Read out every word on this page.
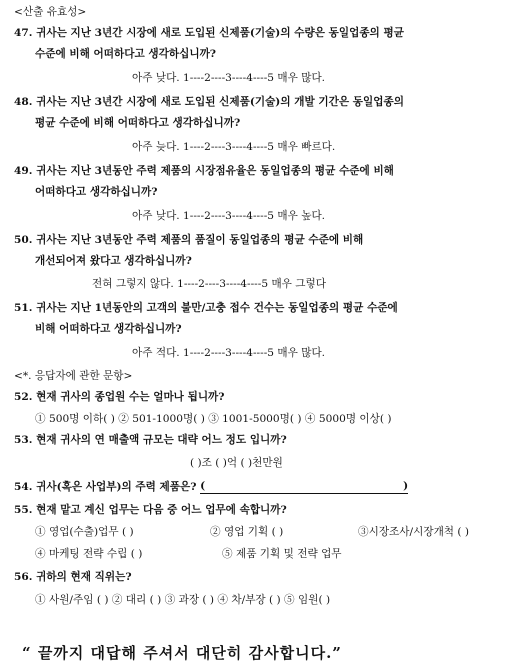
<산출 유효성>
47. 귀사는 지난 3년간 시장에 새로 도입된 신제품(기술)의 수량은 동일업종의 평균
수준에 비해 어떠하다고 생각하십니까?
아주 낮다. 1----2----3----4----5 매우 많다.
48. 귀사는 지난 3년간 시장에 새로 도입된 신제품(기술)의 개발 기간은 동일업종의
평균 수준에 비해 어떠하다고 생각하십니까?
아주 늦다. 1----2----3----4----5 매우 빠르다.
49. 귀사는 지난 3년동안 주력 제품의 시장점유율은 동일업종의 평균 수준에 비해
어떠하다고 생각하십니까?
아주 낮다. 1----2----3----4----5 매우 높다.
50. 귀사는 지난 3년동안 주력 제품의 품질이 동일업종의 평균 수준에 비해
개선되어져 왔다고 생각하십니까?
전혀 그렇지 않다. 1----2----3----4----5 매우 그렇다
51. 귀사는 지난 1년동안의 고객의 불만/고충 접수 건수는 동일업종의 평균 수준에
비해 어떠하다고 생각하십니까?
아주 적다. 1----2----3----4----5 매우 많다.
<*. 응답자에 관한 문항>
52. 현재 귀사의 종업원 수는 얼마나 됩니까?
① 500명 이하( ) ② 501-1000명( ) ③ 1001-5000명( ) ④ 5000명 이상( )
53. 현재 귀사의 연 매출액 규모는 대략 어느 정도 입니까?
( )조 ( )억 ( )천만원
54. 귀사(혹은 사업부)의 주력 제품은? (	)
55. 현재 맡고 계신 업무는 다음 중 어느 업무에 속합니까?
① 영업(수출)업무 ( )	② 영업 기획 ( )	③시장조사/시장개척 ( )
④ 마케팅 전략 수립 ( )	⑤ 제품 기획 및 전략 업무
56. 귀하의 현재 직위는?
① 사원/주임 ( ) ② 대리 ( ) ③ 과장 ( ) ④ 차/부장 ( ) ⑤ 임원( )
“ 끝까지 대답해 주셔서 대단히 감사합니다.”
